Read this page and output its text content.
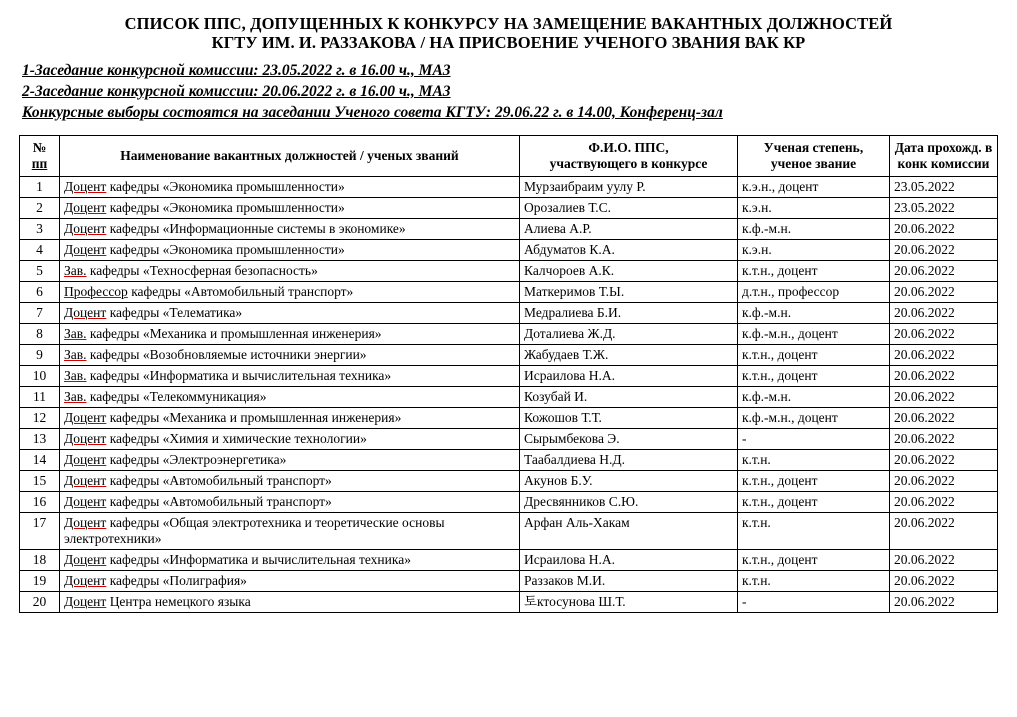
СПИСОК ППС, ДОПУЩЕННЫХ К КОНКУРСУ НА ЗАМЕЩЕНИЕ ВАКАНТНЫХ ДОЛЖНОСТЕЙ
КГТУ ИМ. И. РАЗЗАКОВА / НА ПРИСВОЕНИЕ УЧЕНОГО ЗВАНИЯ ВАК КР
1-Заседание конкурсной комиссии: 23.05.2022 г. в 16.00 ч., МА3
2-Заседание конкурсной комиссии: 20.06.2022 г. в 16.00 ч., МА3
Конкурсные выборы состоятся на заседании Ученого совета КГТУ: 29.06.22 г. в 14.00, Конференц-зал
№
пп

Наименование вакантных должностей / ученых званий

Ф.И.О. ППС,
участвующего в конкурсе

Ученая степень,
ученое звание

Дата прохожд. в
конк комиссии

1	Доцент кафедры «Экономика промышленности»	Мурзаибраим уулу Р.	к.э.н., доцент	23.05.2022
2	Доцент кафедры «Экономика промышленности»	Орозалиев Т.С.	к.э.н.	23.05.2022
3	Доцент кафедры «Информационные системы в экономике»	Алиева А.Р.	к.ф.-м.н.	20.06.2022
4	Доцент кафедры «Экономика промышленности»	Абдуматов К.А.	к.э.н.	20.06.2022
5	Зав. кафедры «Техносферная безопасность»	Калчороев А.К.	к.т.н., доцент	20.06.2022
6	Профессор кафедры «Автомобильный транспорт»	Маткеримов Т.Ы.	д.т.н., профессор	20.06.2022
7	Доцент кафедры «Телематика»	Медралиева Б.И.	к.ф.-м.н.	20.06.2022
8	Зав. кафедры «Механика и промышленная инженерия»	Доталиева Ж.Д.	к.ф.-м.н., доцент	20.06.2022
9	Зав. кафедры «Возобновляемые источники энергии»	Жабудаев Т.Ж.	к.т.н., доцент	20.06.2022
10	Зав. кафедры «Информатика и вычислительная техника»	Исраилова Н.А.	к.т.н., доцент	20.06.2022
11	Зав. кафедры «Телекоммуникация»	Козубай И.	к.ф.-м.н.	20.06.2022
12	Доцент кафедры «Механика и промышленная инженерия»	Кожошов Т.Т.	к.ф.-м.н., доцент	20.06.2022
13	Доцент кафедры «Химия и химические технологии»	Сырымбекова Э.	-	20.06.2022
14	Доцент кафедры «Электроэнергетика»	Таабалдиева Н.Д.	к.т.н.	20.06.2022
15	Доцент кафедры «Автомобильный транспорт»	Акунов Б.У.	к.т.н., доцент	20.06.2022
16	Доцент кафедры «Автомобильный транспорт»	Дресвянников С.Ю.	к.т.н., доцент	20.06.2022
17	Доцент кафедры «Общая электротехника и теоретические основы электротехники»	Арфан Аль-Хакам	к.т.н.	20.06.2022
18	Доцент кафедры «Информатика и вычислительная техника»	Исраилова Н.А.	к.т.н., доцент	20.06.2022
19	Доцент кафедры «Полиграфия»	Раззаков М.И.	к.т.н.	20.06.2022
20	Доцент Центра немецкого языка	토ктосунова Ш.Т.	-	20.06.2022
